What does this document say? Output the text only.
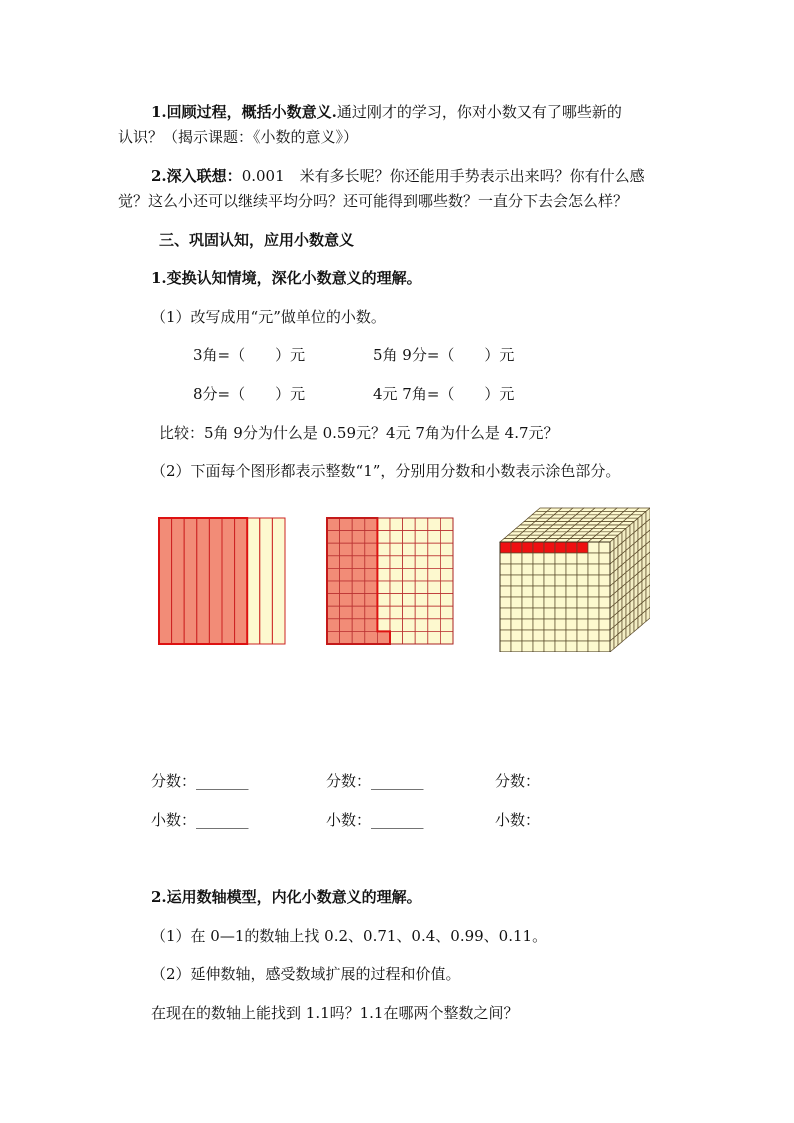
1.回顾过程，概括小数意义.通过刚才的学习，你对小数又有了哪些新的
认识？（揭示课题：《小数的意义》）
2.深入联想：0.001　米有多长呢？你还能用手势表示出来吗？你有什么感
觉？这么小还可以继续平均分吗？还可能得到哪些数？一直分下去会怎么样？
三、巩固认知，应用小数意义
1.变换认知情境，深化小数意义的理解。
（1）改写成用“元”做单位的小数。
3角=（　　）元	5角 9分=（　　）元
8分=（　　）元	4元 7角=（　　）元
比较：5角 9分为什么是 0.59元？4元 7角为什么是 4.7元？
（2）下面每个图形都表示整数“1”，分别用分数和小数表示涂色部分。
分数：_______	分数：_______	分数：
小数：_______	小数：_______	小数：
2.运用数轴模型，内化小数意义的理解。
（1）在 0—1的数轴上找 0.2、0.71、0.4、0.99、0.11。
（2）延伸数轴，感受数域扩展的过程和价值。
在现在的数轴上能找到 1.1吗？1.1在哪两个整数之间？
